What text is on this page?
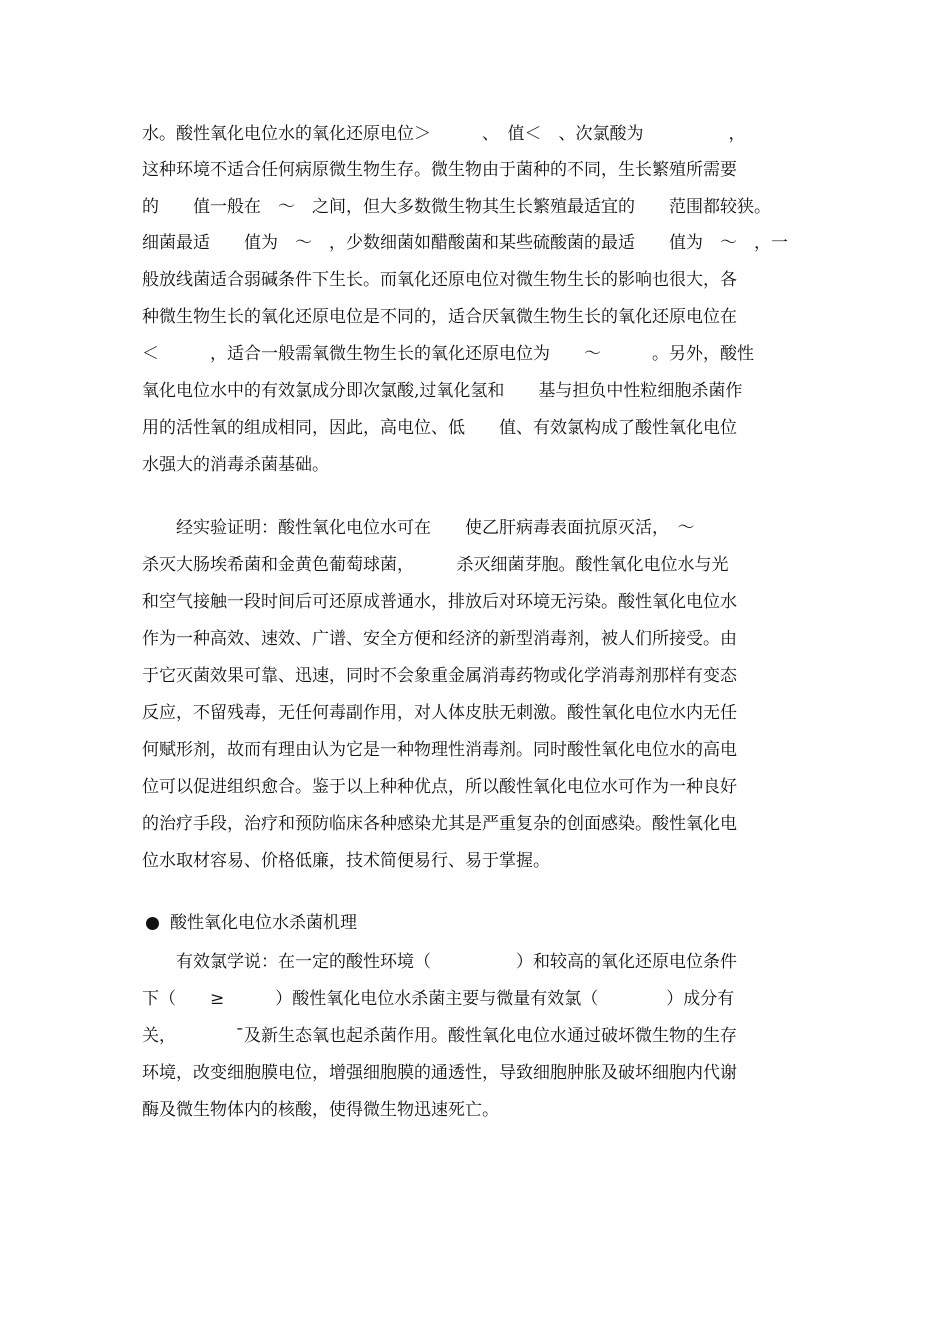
水。酸性氧化电位水的氧化还原电位＞　　　、　值＜　、次氯酸为　　　　　，
这种环境不适合任何病原微生物生存。微生物由于菌种的不同，生长繁殖所需要
的　　值一般在　～　之间，但大多数微生物其生长繁殖最适宜的　　范围都较狭。
细菌最适　　值为　～　，少数细菌如醋酸菌和某些硫酸菌的最适　　值为　～　，一
般放线菌适合弱碱条件下生长。而氧化还原电位对微生物生长的影响也很大，各
种微生物生长的氧化还原电位是不同的，适合厌氧微生物生长的氧化还原电位在
＜　　　，适合一般需氧微生物生长的氧化还原电位为　　～　　　。另外，酸性
氧化电位水中的有效氯成分即次氯酸,过氧化氢和　　基与担负中性粒细胞杀菌作
用的活性氧的组成相同，因此，高电位、低　　值、有效氯构成了酸性氧化电位
水强大的消毒杀菌基础。
　　经实验证明：酸性氧化电位水可在　　使乙肝病毒表面抗原灭活，　～
杀灭大肠埃希菌和金黄色葡萄球菌，　　　杀灭细菌芽胞。酸性氧化电位水与光
和空气接触一段时间后可还原成普通水，排放后对环境无污染。酸性氧化电位水
作为一种高效、速效、广谱、安全方便和经济的新型消毒剂，被人们所接受。由
于它灭菌效果可靠、迅速，同时不会象重金属消毒药物或化学消毒剂那样有变态
反应，不留残毒，无任何毒副作用，对人体皮肤无刺激。酸性氧化电位水内无任
何赋形剂，故而有理由认为它是一种物理性消毒剂。同时酸性氧化电位水的高电
位可以促进组织愈合。鉴于以上种种优点，所以酸性氧化电位水可作为一种良好
的治疗手段，治疗和预防临床各种感染尤其是严重复杂的创面感染。酸性氧化电
位水取材容易、价格低廉，技术简便易行、易于掌握。
酸性氧化电位水杀菌机理
　　有效氯学说：在一定的酸性环境（　　　　　）和较高的氧化还原电位条件
下（　　≥　　　）酸性氧化电位水杀菌主要与微量有效氯（　　　　）成分有
关，　　　　¯及新生态氧也起杀菌作用。酸性氧化电位水通过破坏微生物的生存
环境，改变细胞膜电位，增强细胞膜的通透性，导致细胞肿胀及破坏细胞内代谢
酶及微生物体内的核酸，使得微生物迅速死亡。
